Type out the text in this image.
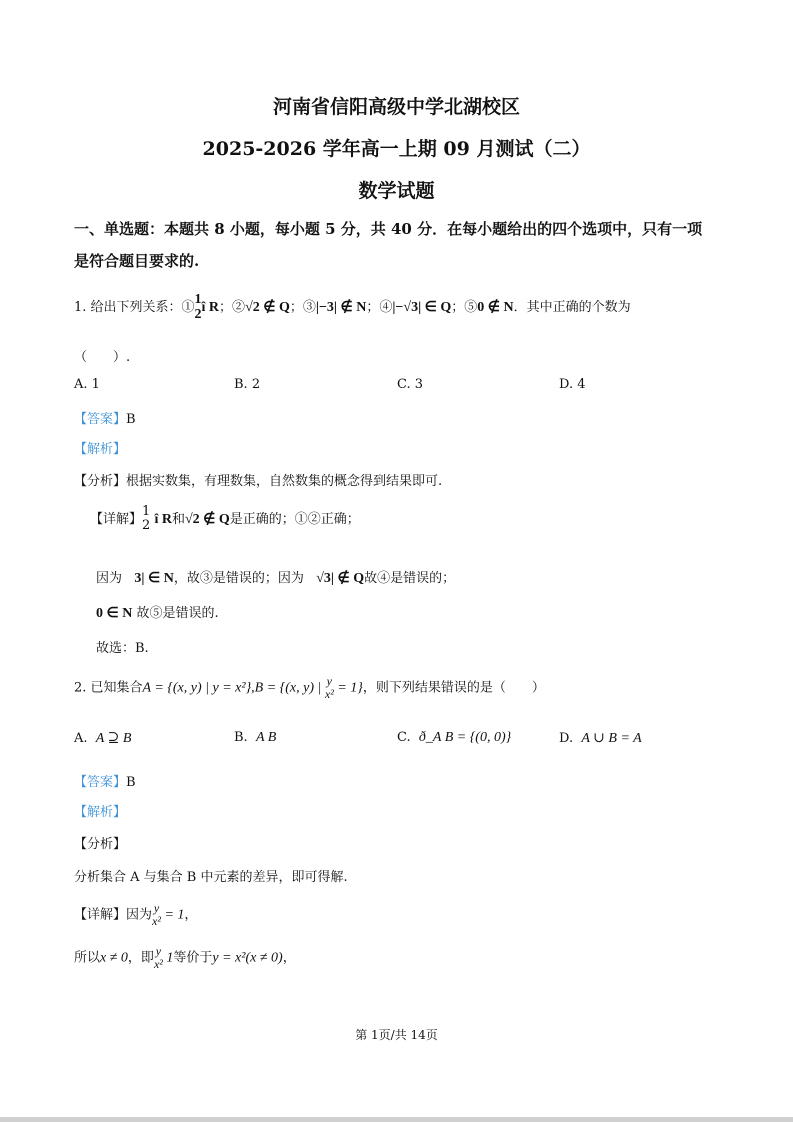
河南省信阳高级中学北湖校区
2025-2026 学年高一上期 09 月测试（二）
数学试题
一、单选题：本题共 8 小题，每小题 5 分，共 40 分．在每小题给出的四个选项中，只有一项
是符合题目要求的.
1. 给出下列关系：①
1
2 î R；②√2 ∉ Q；③|−3| ∉ N；④|−√3| ∈ Q；⑤0 ∉ N．其中正确的个数为
（　　）.
A. 1	B. 2	C. 3	D. 4
【答案】B
【解析】
【分析】根据实数集，有理数集，自然数集的概念得到结果即可.
【详解】
1
2 î R和√2 ∉ Q是正确的；①②正确；
因为 3| ∈ N，故③是错误的；因为 √3| ∉ Q故④是错误的；
0 ∈ N 故⑤是错误的.
故选：B.
2. 已知集合A = {(x, y) | y = x²},B = {(x, y) | y
x² = 1}，则下列结果错误的是（　　）
A. A ⊇ B	B. A B	C. ð_A B = {(0, 0)}	D. A ∪ B = A
【答案】B
【解析】
【分析】
分析集合 A 与集合 B 中元素的差异，即可得解.
【详解】因为 y
x² = 1，
所以x ≠ 0，即 y
x² 1等价于y = x²(x ≠ 0)，
第 1页/共 14页
